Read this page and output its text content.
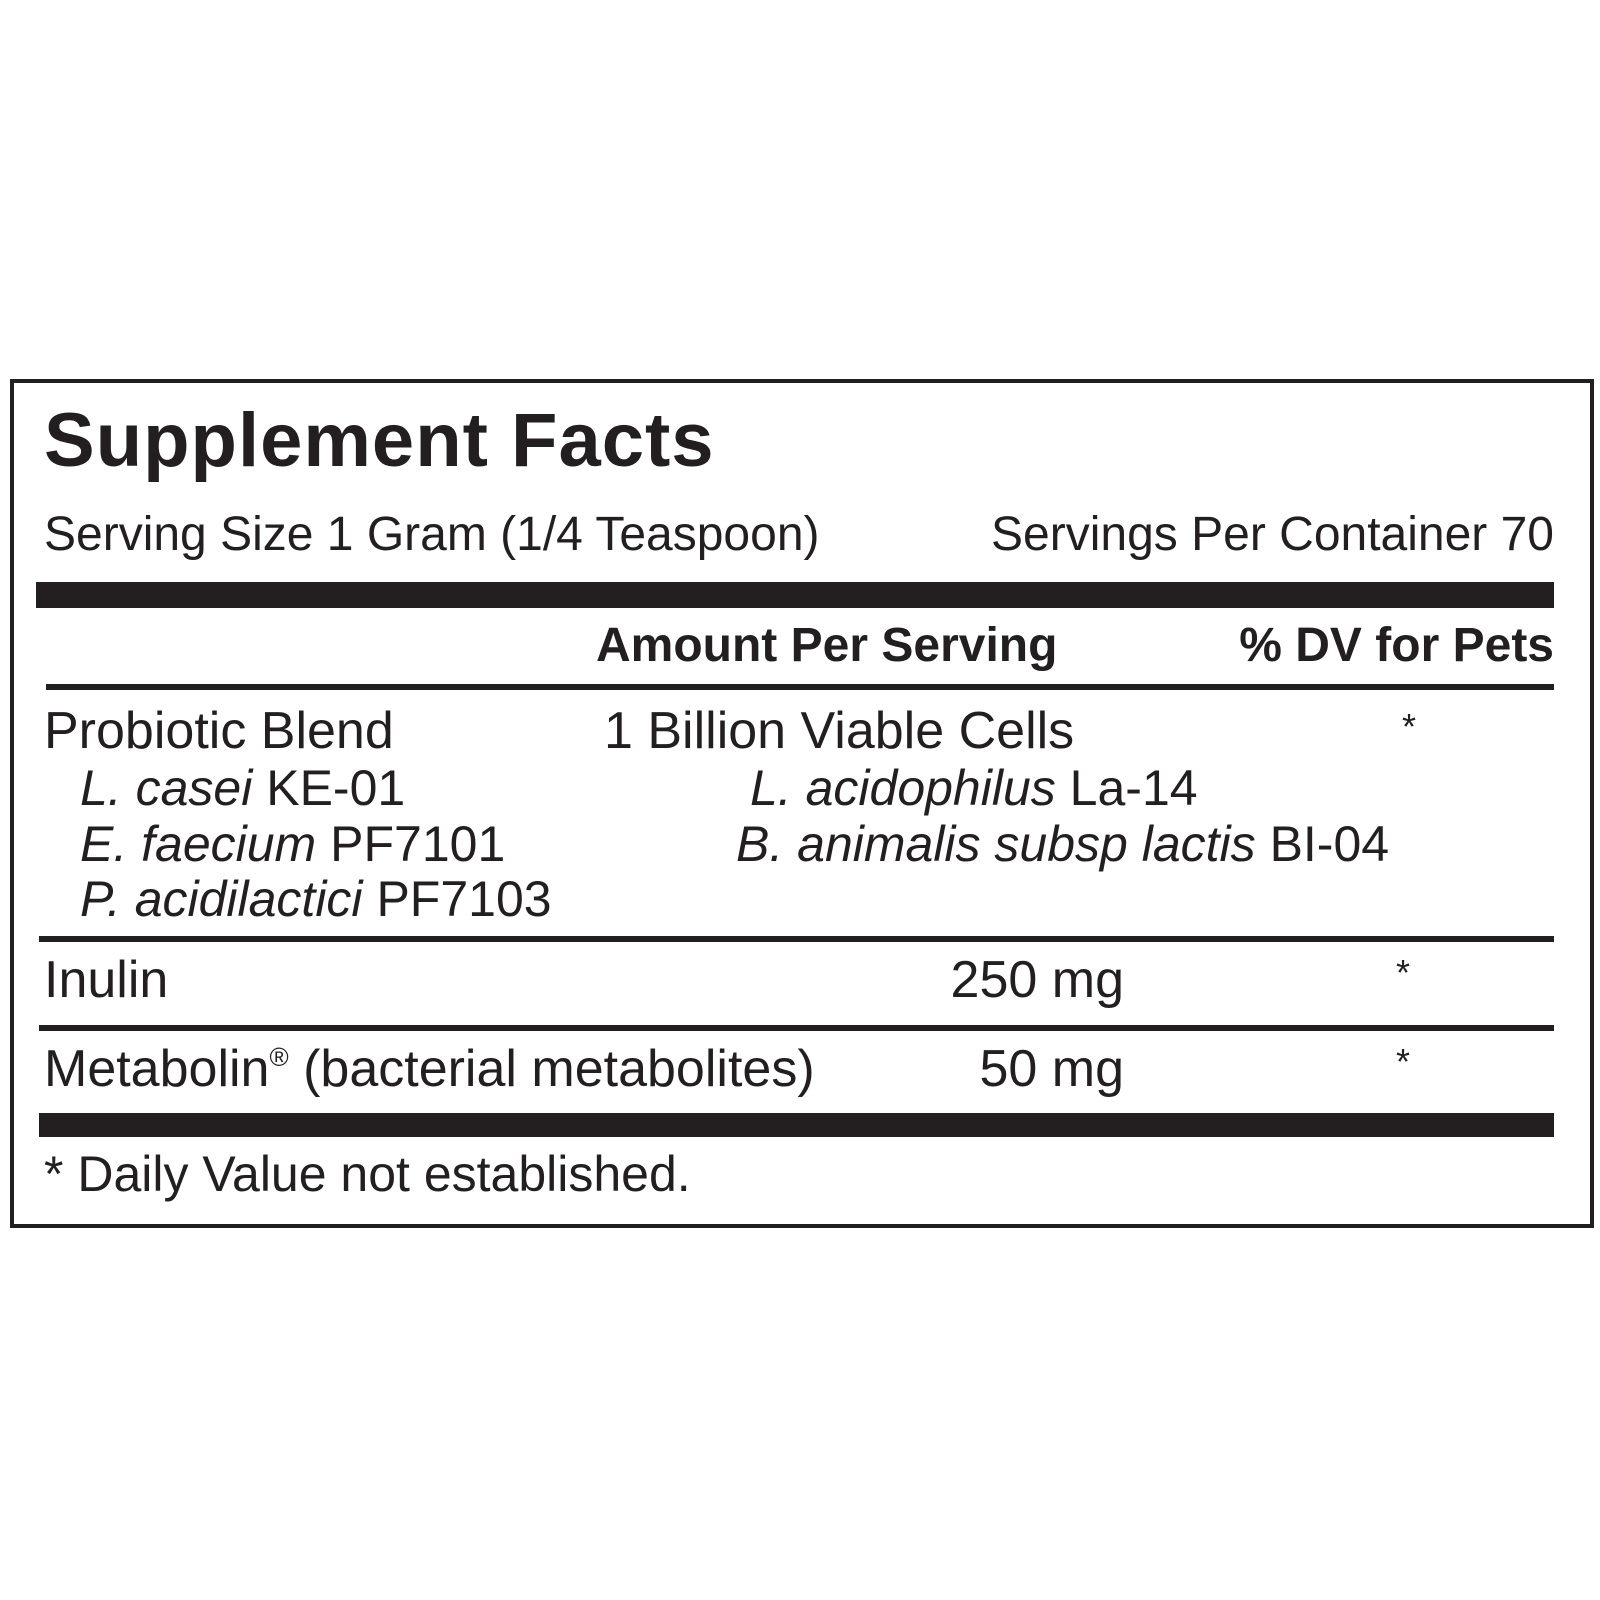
Supplement Facts
Serving Size 1 Gram (1/4 Teaspoon)	Servings Per Container 70
Amount Per Serving	% DV for Pets
Probiotic Blend	1 Billion Viable Cells	*
L. casei KE-01	L. acidophilus La-14
E. faecium PF7101	B. animalis subsp lactis BI-04
P. acidilactici PF7103
Inulin	250 mg	*
Metabolin® (bacterial metabolites)	50 mg	*
* Daily Value not established.
